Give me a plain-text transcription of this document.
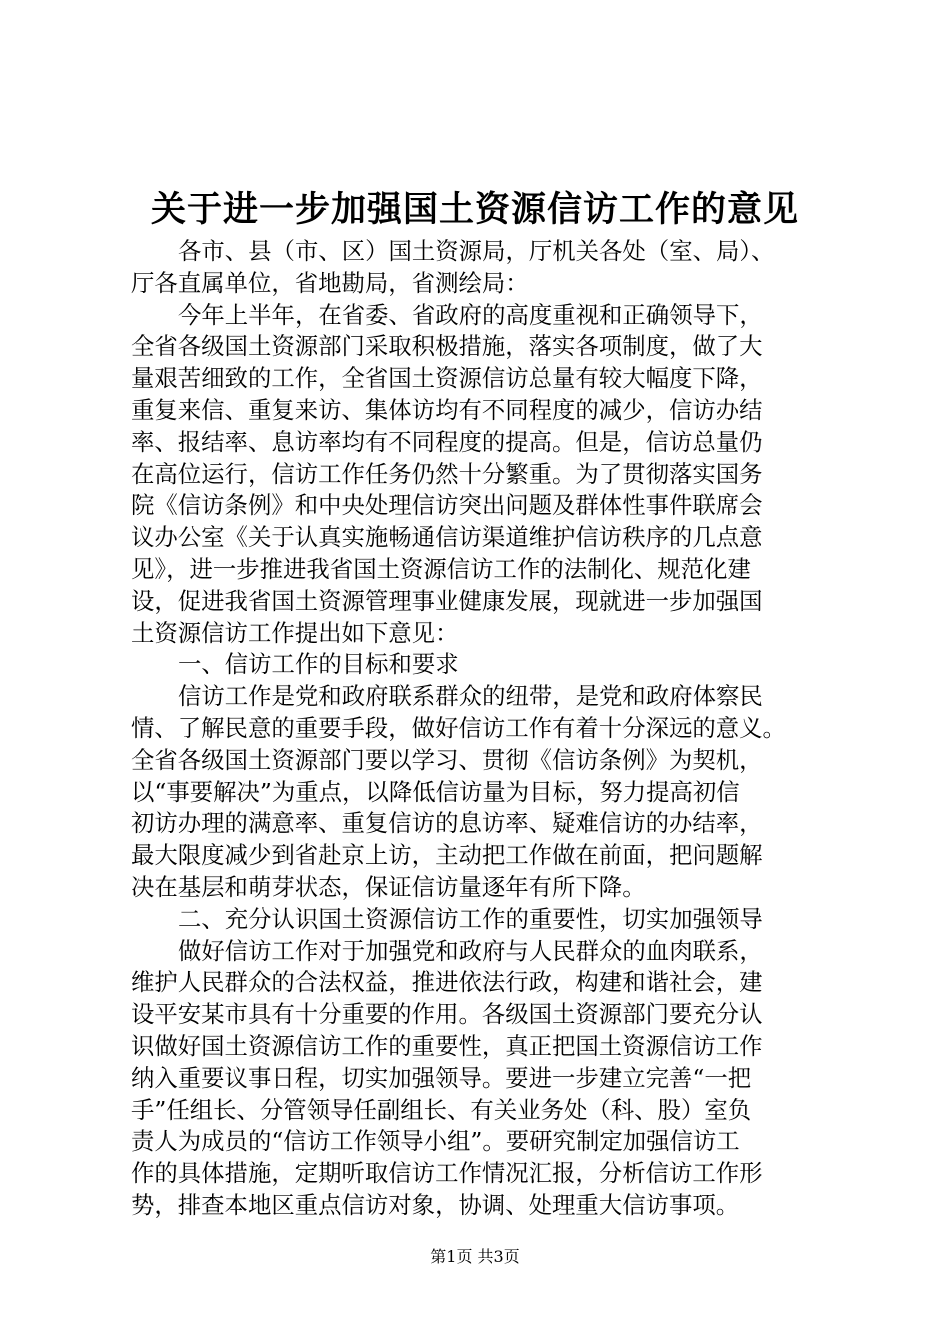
关于进一步加强国土资源信访工作的意见
各市、县（市、区）国土资源局，厅机关各处（室、局）、
厅各直属单位，省地勘局，省测绘局：
今年上半年，在省委、省政府的高度重视和正确领导下，
全省各级国土资源部门采取积极措施，落实各项制度，做了大
量艰苦细致的工作，全省国土资源信访总量有较大幅度下降，
重复来信、重复来访、集体访均有不同程度的减少，信访办结
率、报结率、息访率均有不同程度的提高。但是，信访总量仍
在高位运行，信访工作任务仍然十分繁重。为了贯彻落实国务
院《信访条例》和中央处理信访突出问题及群体性事件联席会
议办公室《关于认真实施畅通信访渠道维护信访秩序的几点意
见》，进一步推进我省国土资源信访工作的法制化、规范化建
设，促进我省国土资源管理事业健康发展，现就进一步加强国
土资源信访工作提出如下意见：
一、信访工作的目标和要求
信访工作是党和政府联系群众的纽带，是党和政府体察民
情、了解民意的重要手段，做好信访工作有着十分深远的意义。
全省各级国土资源部门要以学习、贯彻《信访条例》为契机，
以“事要解决”为重点，以降低信访量为目标，努力提高初信
初访办理的满意率、重复信访的息访率、疑难信访的办结率，
最大限度减少到省赴京上访，主动把工作做在前面，把问题解
决在基层和萌芽状态，保证信访量逐年有所下降。
二、充分认识国土资源信访工作的重要性，切实加强领导
做好信访工作对于加强党和政府与人民群众的血肉联系，
维护人民群众的合法权益，推进依法行政，构建和谐社会，建
设平安某市具有十分重要的作用。各级国土资源部门要充分认
识做好国土资源信访工作的重要性，真正把国土资源信访工作
纳入重要议事日程，切实加强领导。要进一步建立完善“一把
手”任组长、分管领导任副组长、有关业务处（科、股）室负
责人为成员的“信访工作领导小组”。要研究制定加强信访工
作的具体措施，定期听取信访工作情况汇报，分析信访工作形
势，排查本地区重点信访对象，协调、处理重大信访事项。
第1页 共3页
